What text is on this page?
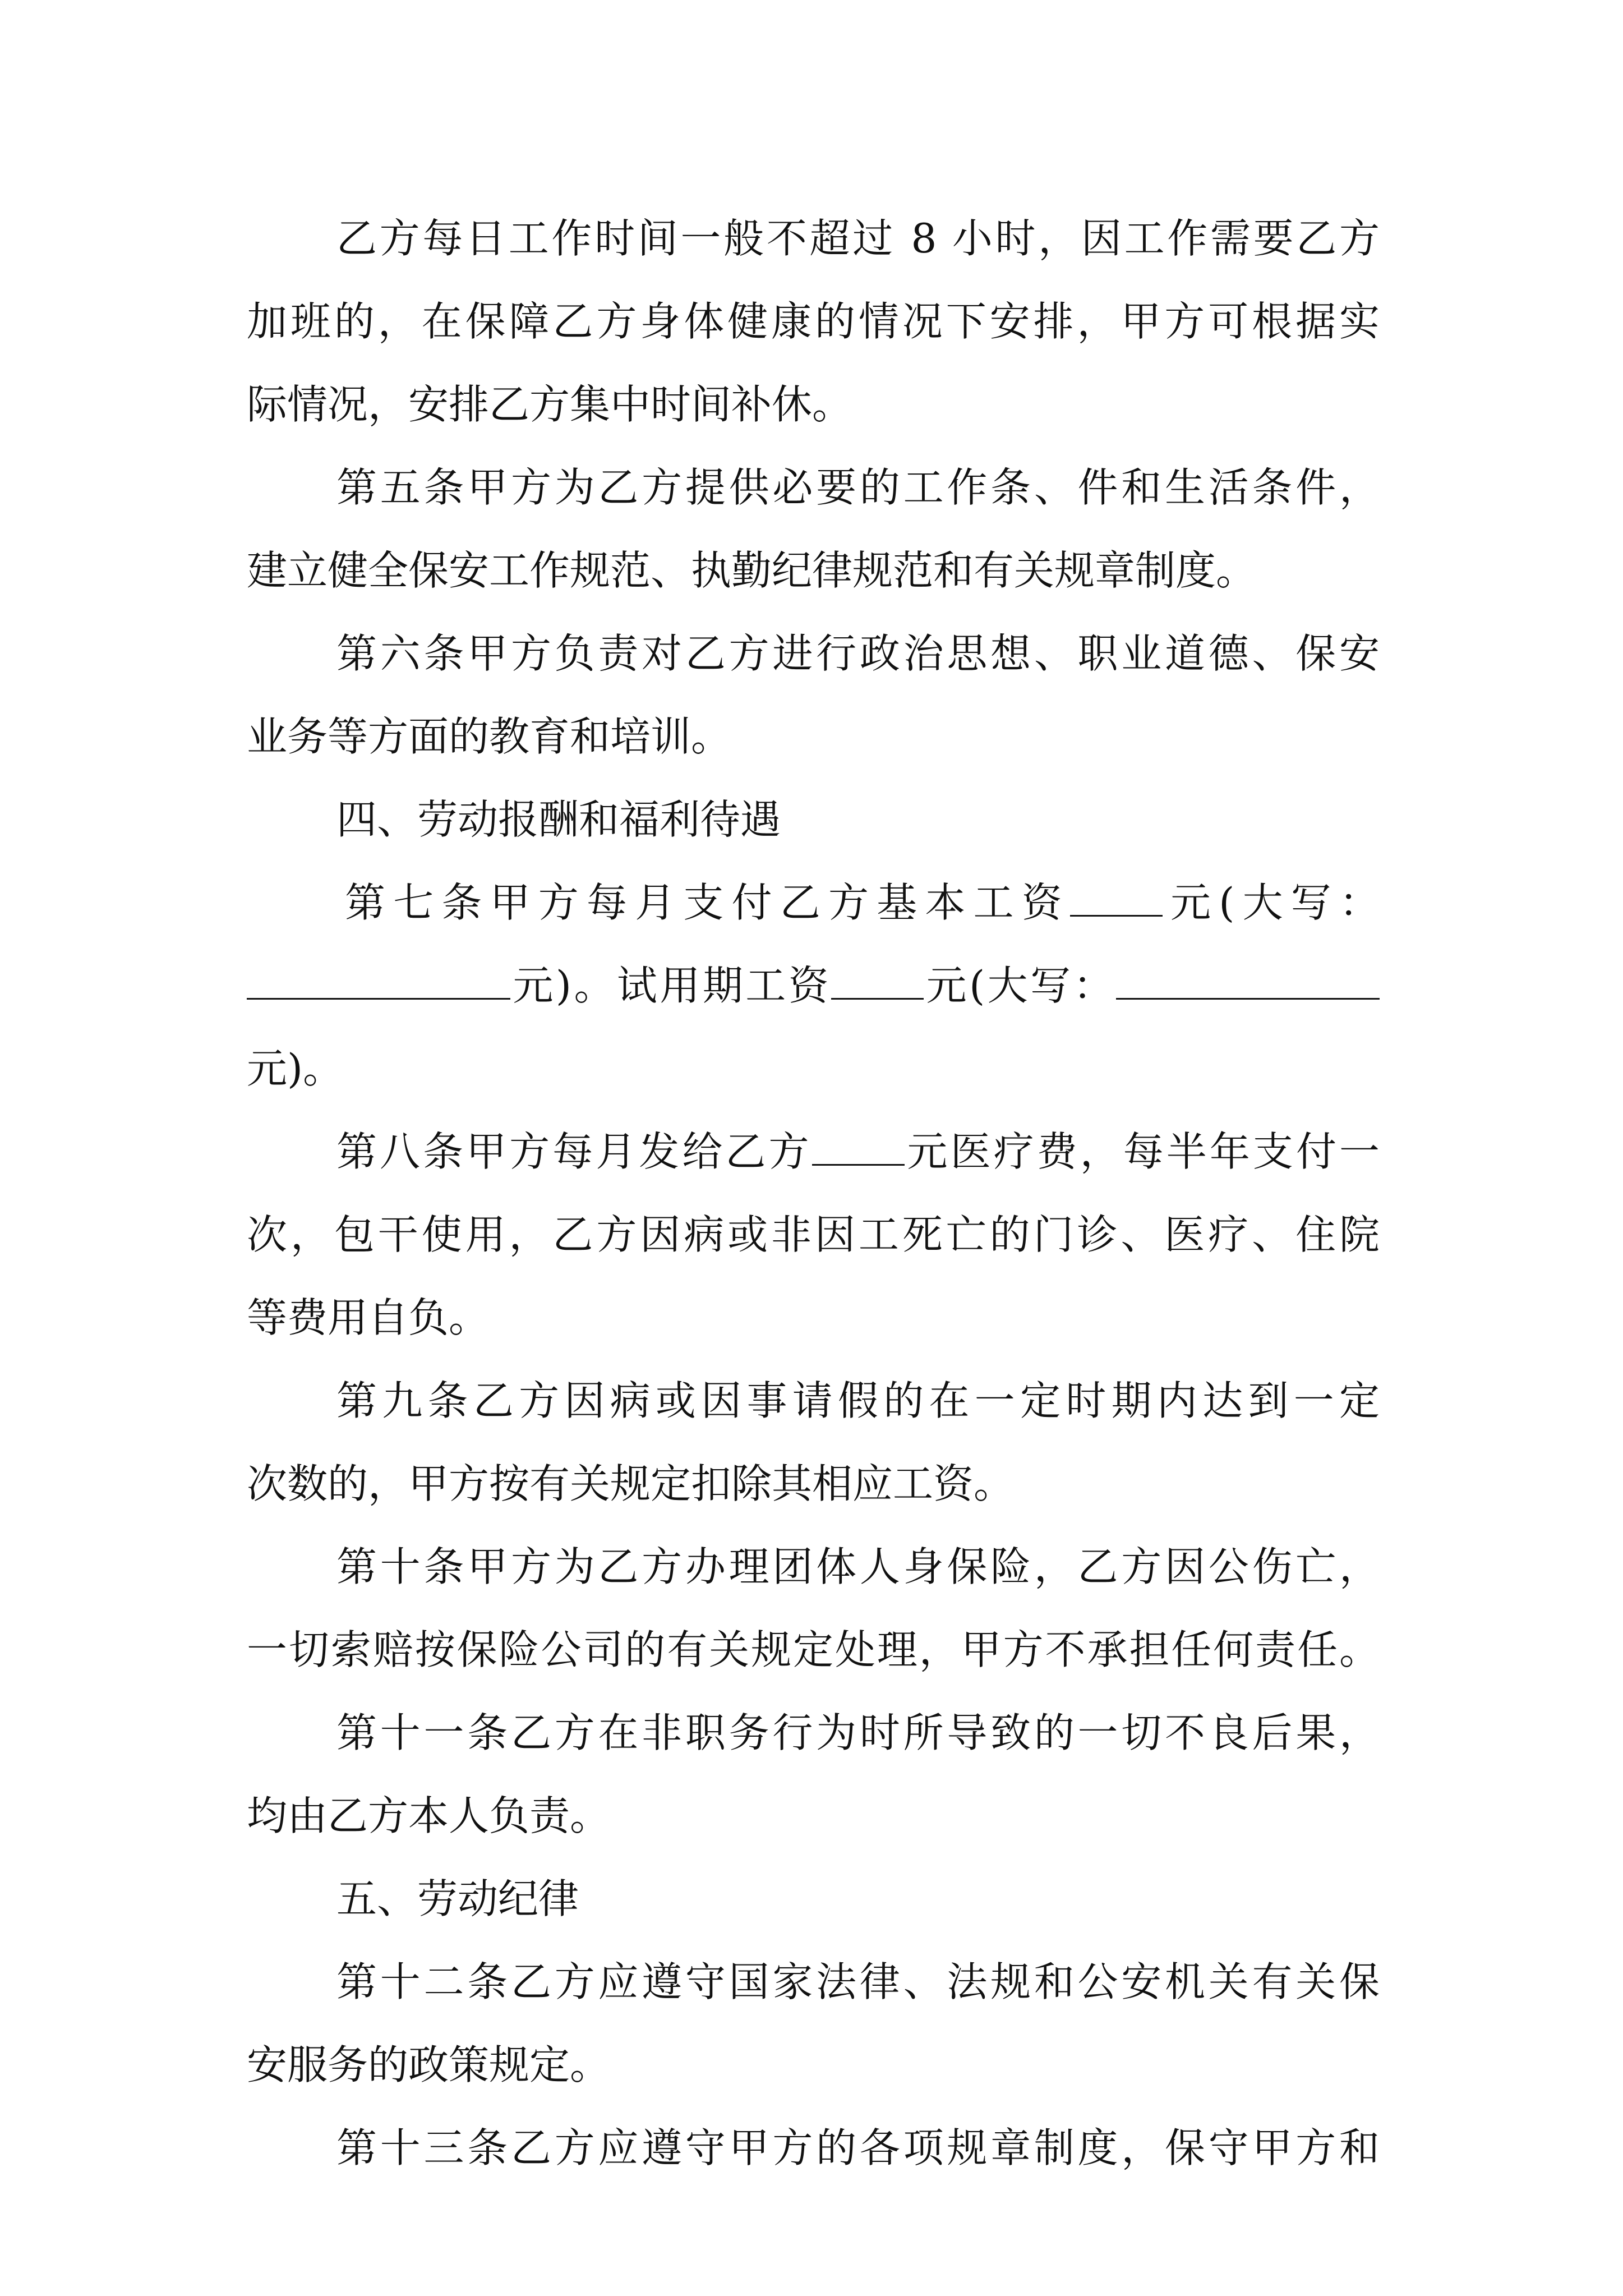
乙方每日工作时间一般不超过 8 小时，因工作需要乙方
加班的，在保障乙方身体健康的情况下安排，甲方可根据实
际情况，安排乙方集中时间补休。
第五条甲方为乙方提供必要的工作条、件和生活条件，
建立健全保安工作规范、执勤纪律规范和有关规章制度。
第六条甲方负责对乙方进行政治思想、职业道德、保安
业务等方面的教育和培训。
四、劳动报酬和福利待遇
第七条甲方每月支付乙方基本工资 元(大写：
元)。试用期工资 元(大写：
元)。
第八条甲方每月发给乙方 元医疗费，每半年支付一
次，包干使用，乙方因病或非因工死亡的门诊、医疗、住院
等费用自负。
第九条乙方因病或因事请假的在一定时期内达到一定
次数的，甲方按有关规定扣除其相应工资。
第十条甲方为乙方办理团体人身保险，乙方因公伤亡，
一切索赔按保险公司的有关规定处理，甲方不承担任何责任。
第十一条乙方在非职务行为时所导致的一切不良后果，
均由乙方本人负责。
五、劳动纪律
第十二条乙方应遵守国家法律、法规和公安机关有关保
安服务的政策规定。
第十三条乙方应遵守甲方的各项规章制度，保守甲方和
